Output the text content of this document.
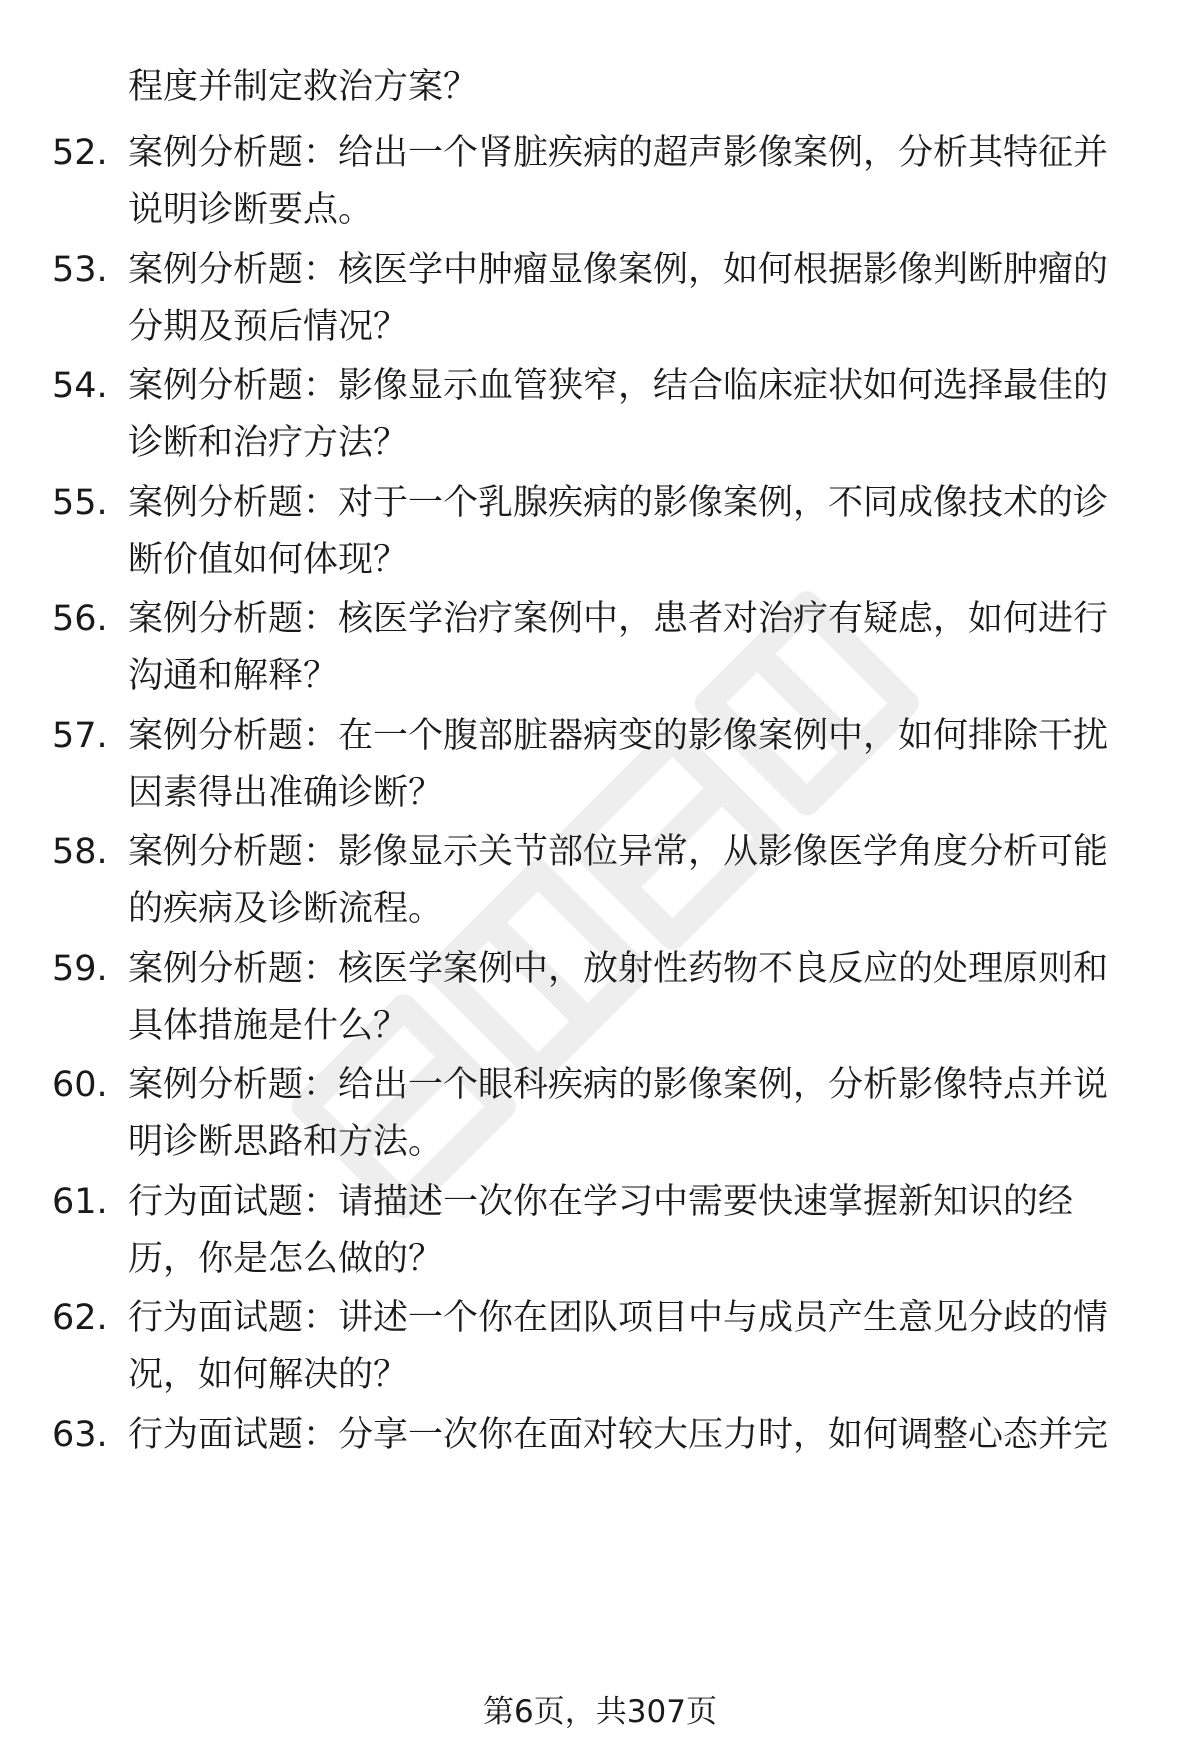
程度并制定救治方案？
52. 案例分析题：给出一个肾脏疾病的超声影像案例，分析其特征并
说明诊断要点。
53. 案例分析题：核医学中肿瘤显像案例，如何根据影像判断肿瘤的
分期及预后情况？
54. 案例分析题：影像显示血管狭窄，结合临床症状如何选择最佳的
诊断和治疗方法？
55. 案例分析题：对于一个乳腺疾病的影像案例，不同成像技术的诊
断价值如何体现？
56. 案例分析题：核医学治疗案例中，患者对治疗有疑虑，如何进行
沟通和解释？
57. 案例分析题：在一个腹部脏器病变的影像案例中，如何排除干扰
因素得出准确诊断？
58. 案例分析题：影像显示关节部位异常，从影像医学角度分析可能
的疾病及诊断流程。
59. 案例分析题：核医学案例中，放射性药物不良反应的处理原则和
具体措施是什么？
60. 案例分析题：给出一个眼科疾病的影像案例，分析影像特点并说
明诊断思路和方法。
61. 行为面试题：请描述一次你在学习中需要快速掌握新知识的经
历，你是怎么做的？
62. 行为面试题：讲述一个你在团队项目中与成员产生意见分歧的情
况，如何解决的？
63. 行为面试题：分享一次你在面对较大压力时，如何调整心态并完
第6页，共307页
